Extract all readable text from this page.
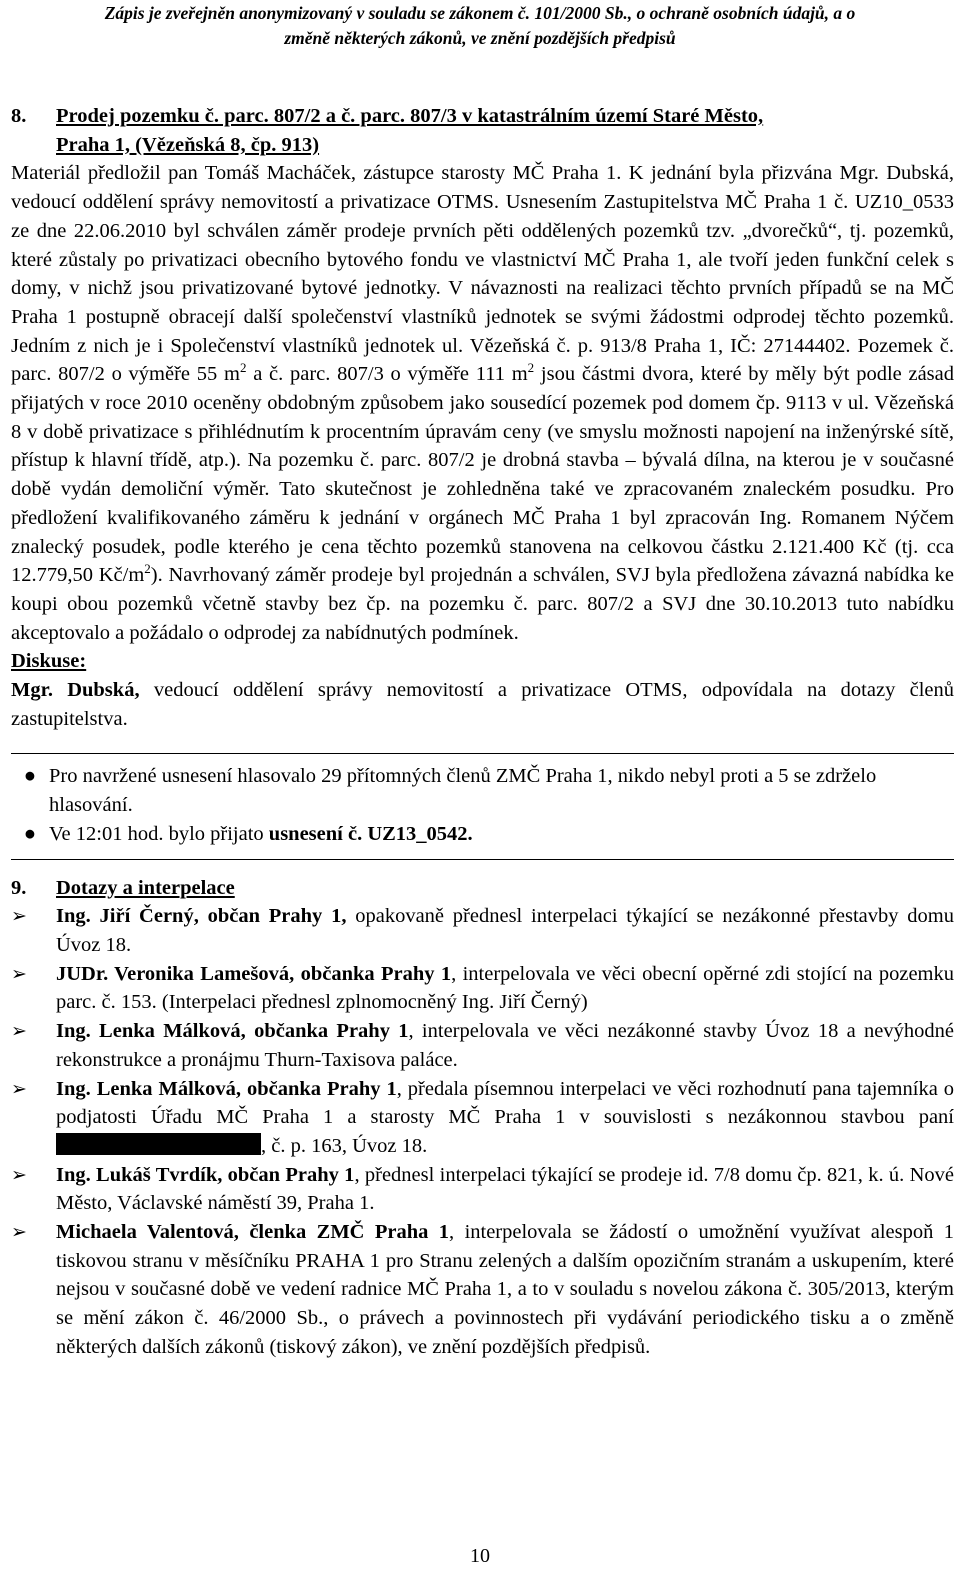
Zápis je zveřejněn anonymizovaný v souladu se zákonem č. 101/2000 Sb., o ochraně osobních údajů, a o
změně některých zákonů, ve znění pozdějších předpisů
8.	Prodej pozemku č. parc. 807/2 a č. parc. 807/3 v katastrálním území Staré Město,
Praha 1, (Vězeňská 8, čp. 913)
Materiál předložil pan Tomáš Macháček, zástupce starosty MČ Praha 1. K jednání byla přizvána Mgr. Dubská, vedoucí oddělení správy nemovitostí a privatizace OTMS. Usnesením Zastupitelstva MČ Praha 1 č. UZ10_0533 ze dne 22.06.2010 byl schválen záměr prodeje prvních pěti oddělených pozemků tzv. „dvorečků“, tj. pozemků, které zůstaly po privatizaci obecního bytového fondu ve vlastnictví MČ Praha 1, ale tvoří jeden funkční celek s domy, v nichž jsou privatizované bytové jednotky. V návaznosti na realizaci těchto prvních případů se na MČ Praha 1 postupně obracejí další společenství vlastníků jednotek se svými žádostmi odprodej těchto pozemků. Jedním z nich je i Společenství vlastníků jednotek ul. Vězeňská č. p. 913/8 Praha 1, IČ: 27144402. Pozemek č. parc. 807/2 o výměře 55 $m^2$ a č. parc. 807/3 o výměře 111 $m^2$ jsou částmi dvora, které by měly být podle zásad přijatých v roce 2010 oceněny obdobným způsobem jako sousedící pozemek pod domem čp. 9113 v ul. Vězeňská 8 v době privatizace s přihlédnutím k procentním úpravám ceny (ve smyslu možnosti napojení na inženýrské sítě, přístup k hlavní třídě, atp.). Na pozemku č. parc. 807/2 je drobná stavba – bývalá dílna, na kterou je v současné době vydán demoliční výměr. Tato skutečnost je zohledněna také ve zpracovaném znaleckém posudku. Pro předložení kvalifikovaného záměru k jednání v orgánech MČ Praha 1 byl zpracován Ing. Romanem Nýčem znalecký posudek, podle kterého je cena těchto pozemků stanovena na celkovou částku 2.121.400 Kč (tj. cca 12.779,50 $Kč/m^2$). Navrhovaný záměr prodeje byl projednán a schválen, SVJ byla předložena závazná nabídka ke koupi obou pozemků včetně stavby bez čp. na pozemku č. parc. 807/2 a SVJ dne 30.10.2013 tuto nabídku akceptovalo a požádalo o odprodej za nabídnutých podmínek.
Diskuse:
Mgr. Dubská, vedoucí oddělení správy nemovitostí a privatizace OTMS, odpovídala na dotazy členů zastupitelstva.
● Pro navržené usnesení hlasovalo 29 přítomných členů ZMČ Praha 1, nikdo nebyl proti a 5 se zdrželo hlasování.
● Ve 12:01 hod. bylo přijato usnesení č. UZ13_0542.
9.	Dotazy a interpelace
➢	Ing. Jiří Černý, občan Prahy 1, opakovaně přednesl interpelaci týkající se nezákonné přestavby domu Úvoz 18.
➢	JUDr. Veronika Lamešová, občanka Prahy 1, interpelovala ve věci obecní opěrné zdi stojící na pozemku parc. č. 153. (Interpelaci přednesl zplnomocněný Ing. Jiří Černý)
➢	Ing. Lenka Málková, občanka Prahy 1, interpelovala ve věci nezákonné stavby Úvoz 18 a nevýhodné rekonstrukce a pronájmu Thurn-Taxisova paláce.
➢	Ing. Lenka Málková, občanka Prahy 1, předala písemnou interpelaci ve věci rozhodnutí pana tajemníka o podjatosti Úřadu MČ Praha 1 a starosty MČ Praha 1 v souvislosti s nezákonnou stavbou paní , č. p. 163, Úvoz 18.
➢	Ing. Lukáš Tvrdík, občan Prahy 1, přednesl interpelaci týkající se prodeje id. 7/8 domu čp. 821, k. ú. Nové Město, Václavské náměstí 39, Praha 1.
➢	Michaela Valentová, členka ZMČ Praha 1, interpelovala se žádostí o umožnění využívat alespoň 1 tiskovou stranu v měsíčníku PRAHA 1 pro Stranu zelených a dalším opozičním stranám a uskupením, které nejsou v současné době ve vedení radnice MČ Praha 1, a to v souladu s novelou zákona č. 305/2013, kterým se mění zákon č. 46/2000 Sb., o právech a povinnostech při vydávání periodického tisku a o změně některých dalších zákonů (tiskový zákon), ve znění pozdějších předpisů.
10
